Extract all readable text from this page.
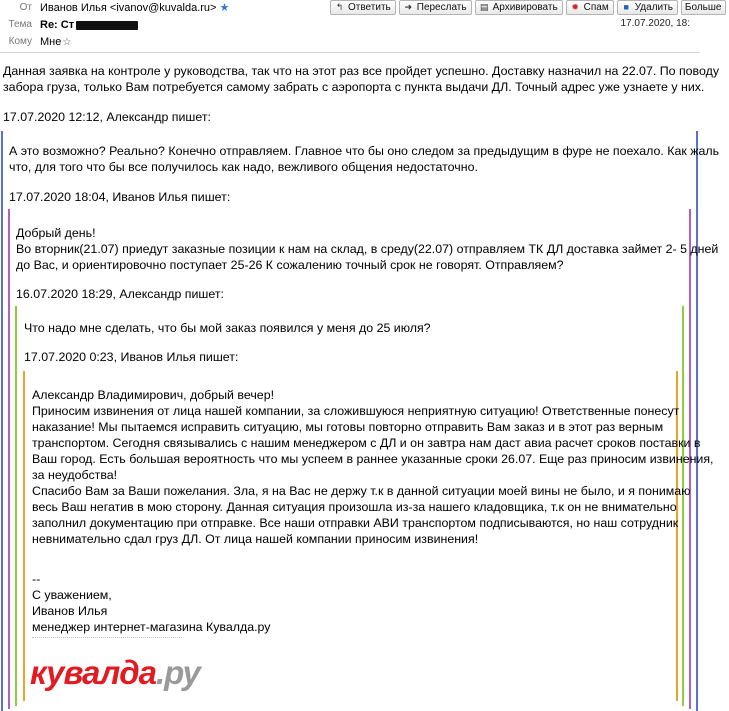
От Иванов Илья <ivanov@kuvalda.ru> ★
Тема Re: Ст
Кому Мне☆
↰ Ответить ➜ Переслать ▤ Архивировать ✹ Спам ■ Удалить Больше
17.07.2020, 18:
Данная заявка на контроле у руководства, так что на этот раз все пройдет успешно. Доставку назначил на 22.07. По поводу
забора груза, только Вам потребуется самому забрать с аэропорта с пункта выдачи ДЛ. Точный адрес уже узнаете у них.
17.07.2020 12:12, Александр пишет:
А это возможно? Реально? Конечно отправляем. Главное что бы оно следом за предыдущим в фуре не поехало. Как жаль
что, для того что бы все получилось как надо, вежливого общения недостаточно.
17.07.2020 18:04, Иванов Илья пишет:
Добрый день!
Во вторник(21.07) приедут заказные позиции к нам на склад, в среду(22.07) отправляем ТК ДЛ доставка займет 2- 5 дней
до Вас, и ориентировочно поступает 25-26 К сожалению точный срок не говорят. Отправляем?
16.07.2020 18:29, Александр пишет:
Что надо мне сделать, что бы мой заказ появился у меня до 25 июля?
17.07.2020 0:23, Иванов Илья пишет:
Александр Владимирович, добрый вечер!
Приносим извинения от лица нашей компании, за сложившуюся неприятную ситуацию! Ответственные понесут
наказание! Мы пытаемся исправить ситуацию, мы готовы повторно отправить Вам заказ и в этот раз верным
транспортом. Сегодня связывались с нашим менеджером с ДЛ и он завтра нам даст авиа расчет сроков поставки в
Ваш город. Есть большая вероятность что мы успеем в раннее указанные сроки 26.07. Еще раз приносим извинения,
за неудобства!
Спасибо Вам за Ваши пожелания. Зла, я на Вас не держу т.к в данной ситуации моей вины не было, и я понимаю
весь Ваш негатив в мою сторону. Данная ситуация произошла из-за нашего кладовщика, т.к он не внимательно
заполнил документацию при отправке. Все наши отправки АВИ транспортом подписываются, но наш сотрудник
невнимательно сдал груз ДЛ. От лица нашей компании приносим извинения!
--
С уважением,
Иванов Илья
менеджер интернет-магазина Кувалда.ру
кувалда.ру
